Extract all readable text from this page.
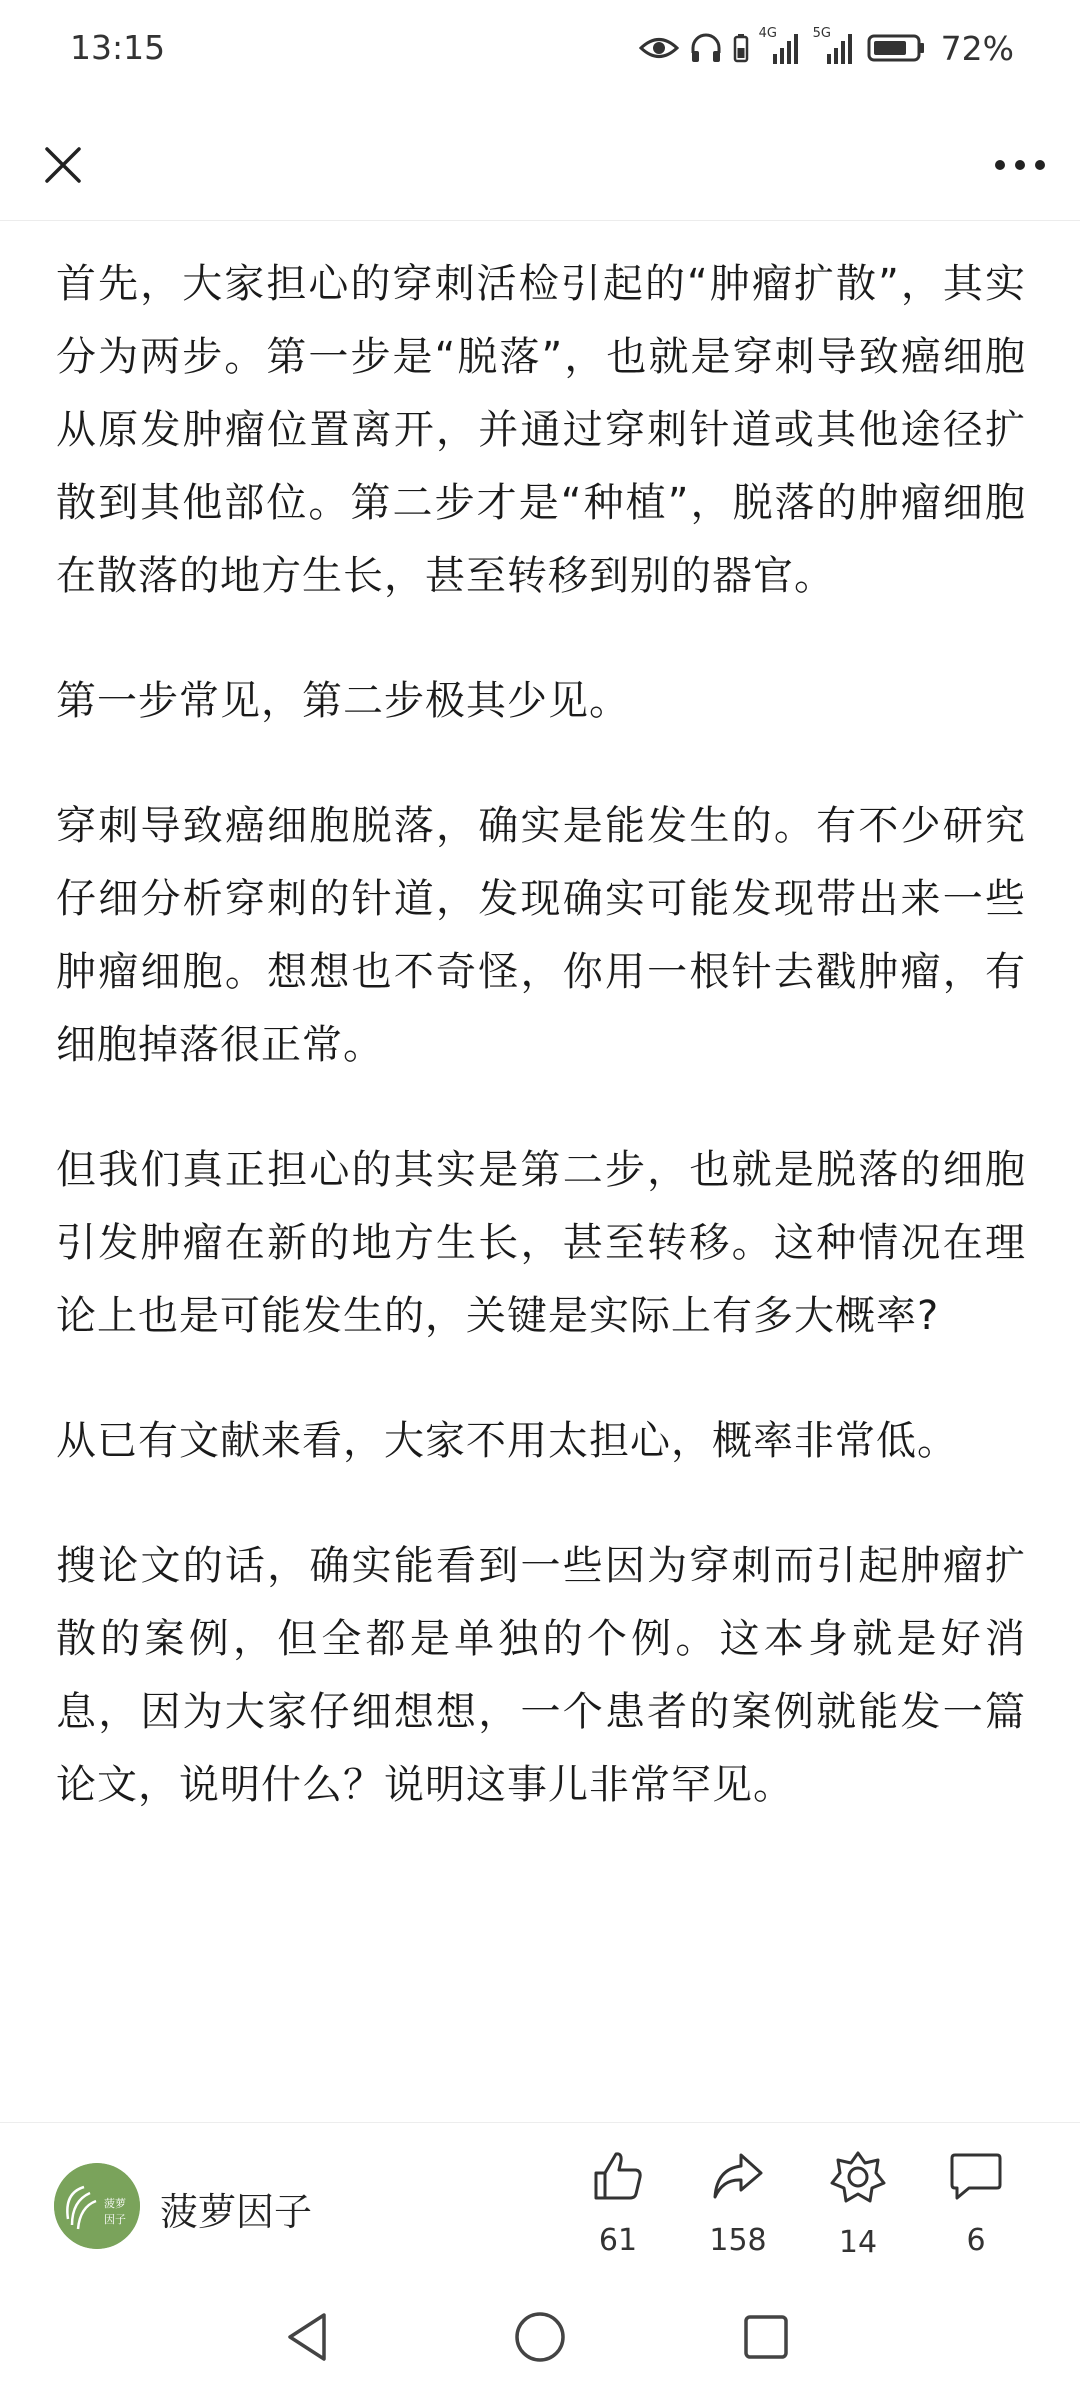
13:15	4G	5G	72%

首先，大家担心的穿刺活检引起的“肿瘤扩散”，其实分为两步。第一步是“脱落”，也就是穿刺导致癌细胞从原发肿瘤位置离开，并通过穿刺针道或其他途径扩散到其他部位。第二步才是“种植”，脱落的肿瘤细胞在散落的地方生长，甚至转移到别的器官。

第一步常见，第二步极其少见。

穿刺导致癌细胞脱落，确实是能发生的。有不少研究仔细分析穿刺的针道，发现确实可能发现带出来一些肿瘤细胞。想想也不奇怪，你用一根针去戳肿瘤，有细胞掉落很正常。

但我们真正担心的其实是第二步，也就是脱落的细胞引发肿瘤在新的地方生长，甚至转移。这种情况在理论上也是可能发生的，关键是实际上有多大概率?

从已有文献来看，大家不用太担心，概率非常低。

搜论文的话，确实能看到一些因为穿刺而引起肿瘤扩散的案例，但全都是单独的个例。这本身就是好消息，因为大家仔细想想，一个患者的案例就能发一篇论文，说明什么？说明这事儿非常罕见。

菠萝
因子 菠萝因子
61	158	14	6
